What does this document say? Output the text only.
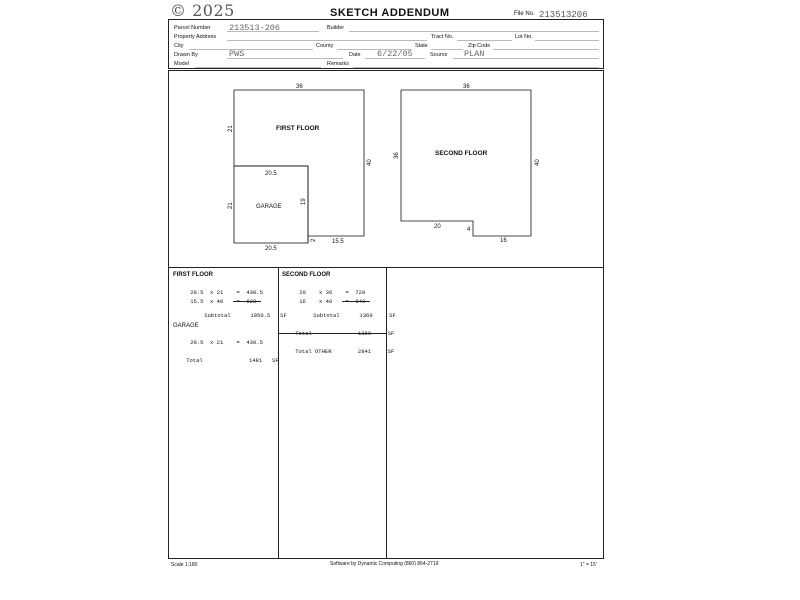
© 2025	SKETCH ADDENDUM	File No. 213513206
Parcel Number 213513-206	Builder
Property Address	Tract No.	Lot No.
City	County	State	Zip Code
Drawn By	PWS	Date 6/22/05	Source PLAN
Model	Remarks
FIRST FLOOR
36
21
40
15.5
2
GARAGE
20.5
21
19
20.5
SECOND FLOOR
36
36
40
20	4
16
FIRST FLOOR

20.5 x 21 = 430.5

15.5 x 40 = 620

Subtotal	1050.5 SF

GARAGE

20.5 x 21 = 430.5

Total	1481 SF

SECOND FLOOR

20 x 36 = 720

16 x 40 = 640

Subtotal	1360	SF

Total	1360	SF

Total OTHER	2841	SF

Scale 1:180	Software by Dynamic Computing (860) 864-2719	1" = 15'
